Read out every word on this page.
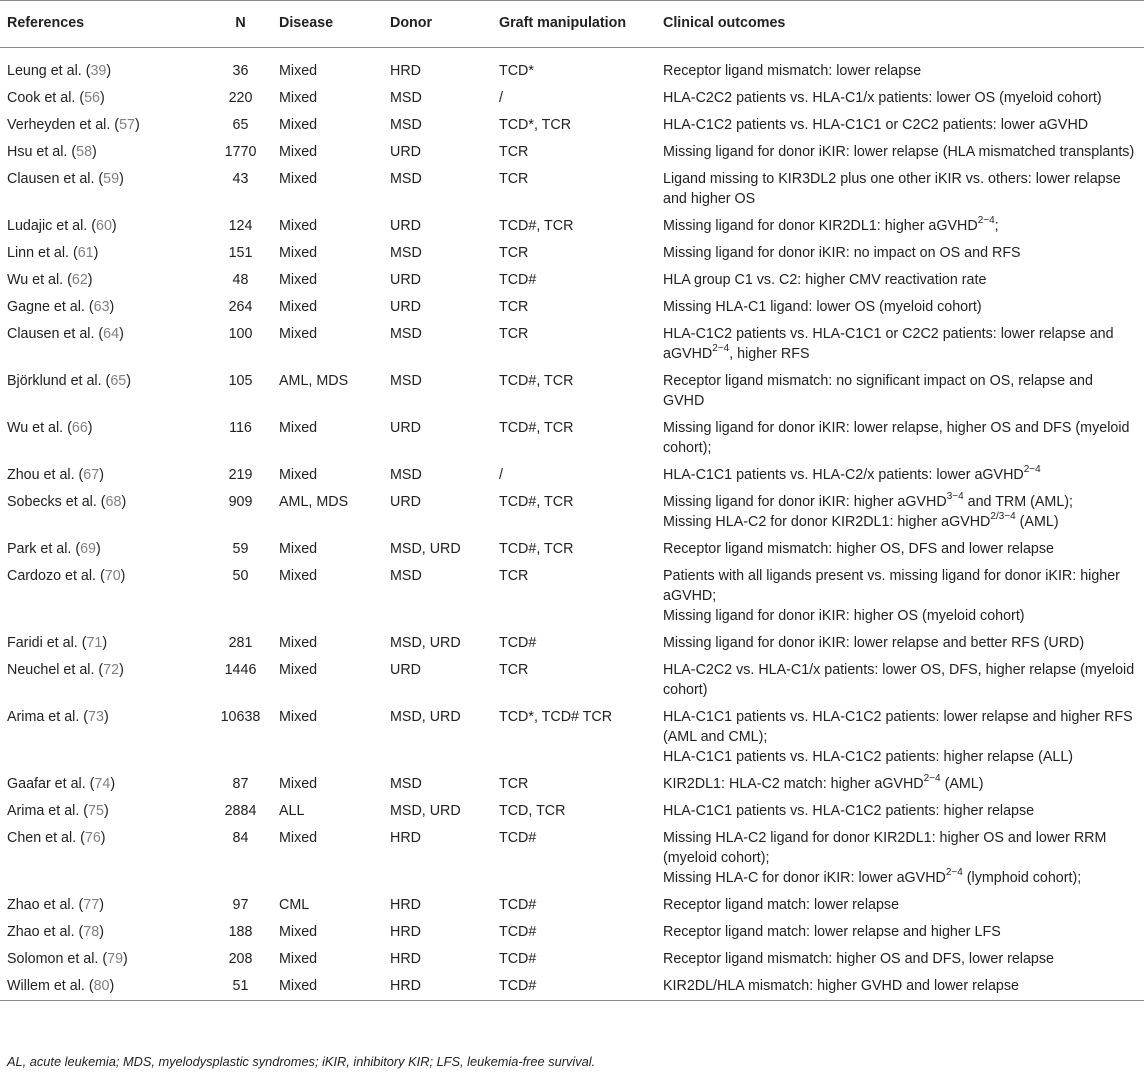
References	N	Disease	Donor	Graft manipulation	Clinical outcomes
Leung et al. (39)	36	Mixed	HRD	TCD*	Receptor ligand mismatch: lower relapse

Cook et al. (56)	220	Mixed	MSD	/	HLA-C2C2 patients vs. HLA-C1/x patients: lower OS (myeloid cohort)

Verheyden et al. (57)	65	Mixed	MSD	TCD*, TCR	HLA-C1C2 patients vs. HLA-C1C1 or C2C2 patients: lower aGVHD

Hsu et al. (58)	1770	Mixed	URD	TCR	Missing ligand for donor iKIR: lower relapse (HLA mismatched transplants)

Clausen et al. (59)	43	Mixed	MSD	TCR	Ligand missing to KIR3DL2 plus one other iKIR vs. others: lower relapse and higher OS

Ludajic et al. (60)	124	Mixed	URD	TCD#, TCR	Missing ligand for donor KIR2DL1: higher aGVHD$^{2-4}$;

Linn et al. (61)	151	Mixed	MSD	TCR	Missing ligand for donor iKIR: no impact on OS and RFS

Wu et al. (62)	48	Mixed	URD	TCD#	HLA group C1 vs. C2: higher CMV reactivation rate

Gagne et al. (63)	264	Mixed	URD	TCR	Missing HLA-C1 ligand: lower OS (myeloid cohort)

Clausen et al. (64)	100	Mixed	MSD	TCR	HLA-C1C2 patients vs. HLA-C1C1 or C2C2 patients: lower relapse and aGVHD$^{2-4}$, higher RFS

Björklund et al. (65)	105	AML, MDS	MSD	TCD#, TCR	Receptor ligand mismatch: no significant impact on OS, relapse and GVHD

Wu et al. (66)	116	Mixed	URD	TCD#, TCR	Missing ligand for donor iKIR: lower relapse, higher OS and DFS (myeloid cohort);

Zhou et al. (67)	219	Mixed	MSD	/	HLA-C1C1 patients vs. HLA-C2/x patients: lower aGVHD$^{2-4}$

Sobecks et al. (68)	909	AML, MDS	URD	TCD#, TCR	Missing ligand for donor iKIR: higher aGVHD$^{3-4}$ and TRM (AML);
Missing HLA-C2 for donor KIR2DL1: higher aGVHD$^{2/3-4}$ (AML)

Park et al. (69)	59	Mixed	MSD, URD	TCD#, TCR	Receptor ligand mismatch: higher OS, DFS and lower relapse

Cardozo et al. (70)	50	Mixed	MSD	TCR	Patients with all ligands present vs. missing ligand for donor iKIR: higher aGVHD;
Missing ligand for donor iKIR: higher OS (myeloid cohort)

Faridi et al. (71)	281	Mixed	MSD, URD	TCD#	Missing ligand for donor iKIR: lower relapse and better RFS (URD)

Neuchel et al. (72)	1446	Mixed	URD	TCR	HLA-C2C2 vs. HLA-C1/x patients: lower OS, DFS, higher relapse (myeloid cohort)

Arima et al. (73)	10638	Mixed	MSD, URD	TCD*, TCD# TCR	HLA-C1C1 patients vs. HLA-C1C2 patients: lower relapse and higher RFS (AML and CML);
HLA-C1C1 patients vs. HLA-C1C2 patients: higher relapse (ALL)

Gaafar et al. (74)	87	Mixed	MSD	TCR	KIR2DL1: HLA-C2 match: higher aGVHD$^{2-4}$ (AML)

Arima et al. (75)	2884	ALL	MSD, URD	TCD, TCR	HLA-C1C1 patients vs. HLA-C1C2 patients: higher relapse

Chen et al. (76)	84	Mixed	HRD	TCD#	Missing HLA-C2 ligand for donor KIR2DL1: higher OS and lower RRM (myeloid cohort);
Missing HLA-C for donor iKIR: lower aGVHD$^{2-4}$ (lymphoid cohort);

Zhao et al. (77)	97	CML	HRD	TCD#	Receptor ligand match: lower relapse

Zhao et al. (78)	188	Mixed	HRD	TCD#	Receptor ligand match: lower relapse and higher LFS

Solomon et al. (79)	208	Mixed	HRD	TCD#	Receptor ligand mismatch: higher OS and DFS, lower relapse

Willem et al. (80)	51	Mixed	HRD	TCD#	KIR2DL/HLA mismatch: higher GVHD and lower relapse
AL, acute leukemia; MDS, myelodysplastic syndromes; iKIR, inhibitory KIR; LFS, leukemia-free survival.
